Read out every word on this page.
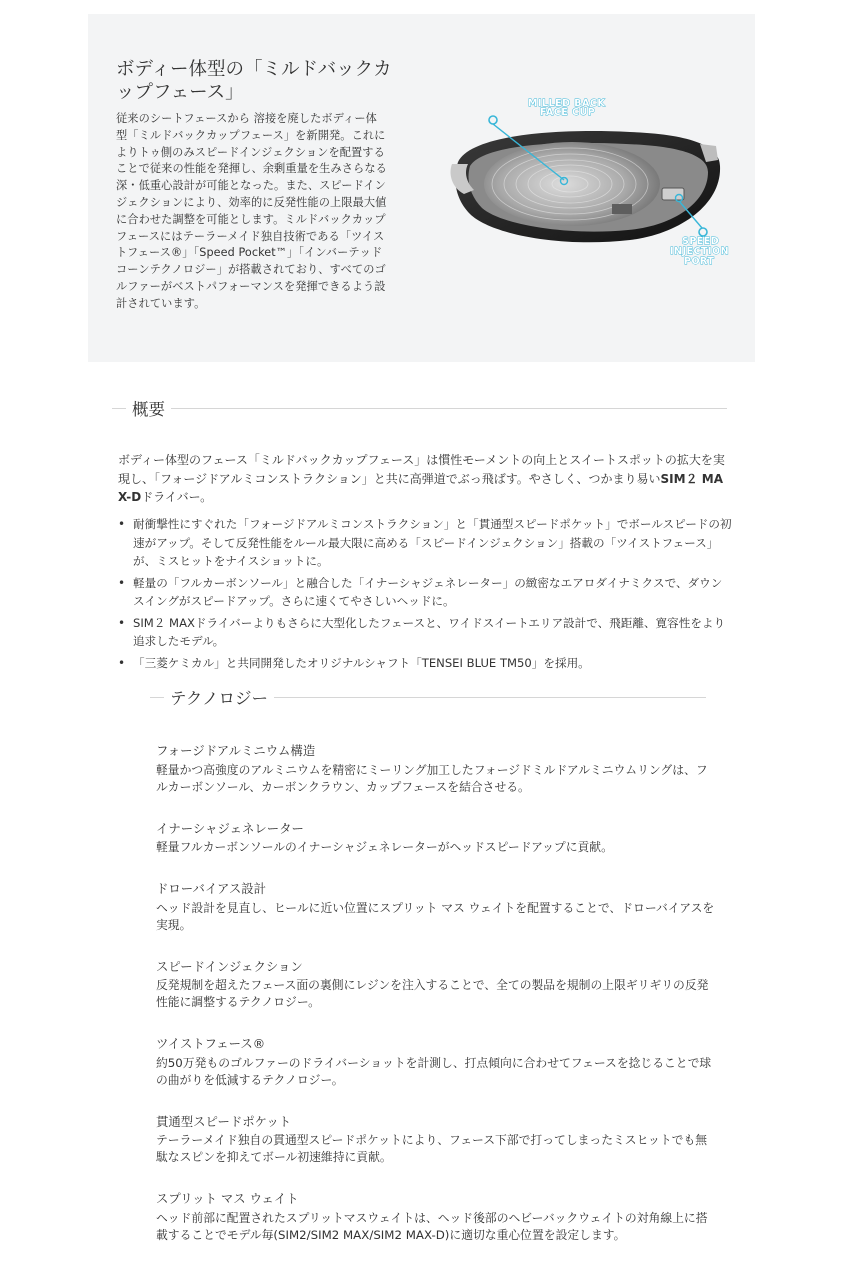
ボディー体型の「ミルドバックカップフェース」

従来のシートフェースから 溶接を廃したボディー体型「ミルドバックカップフェース」を新開発。これによりトゥ側のみスピードインジェクションを配置することで従来の性能を発揮し、余剰重量を生みさらなる深・低重心設計が可能となった。また、スピードインジェクションにより、効率的に反発性能の上限最大値に合わせた調整を可能とします。ミルドバックカップフェースにはテーラーメイド独自技術である「ツイストフェース®」「Speed Pocket™」「インバーテッドコーンテクノロジー」が搭載されており、すべてのゴルファーがベストパフォーマンスを発揮できるよう設計されています。

MILLED BACK
FACE CUP
SPEED
INJECTION
PORT
概要

ボディー体型のフェース「ミルドバックカップフェース」は慣性モーメントの向上とスイートスポットの拡大を実現し、「フォージドアルミコンストラクション」と共に高弾道でぶっ飛ばす。やさしく、つかまり易いSIM２ MAX-Dドライバー。

• 耐衝撃性にすぐれた「フォージドアルミコンストラクション」と「貫通型スピードポケット」でボールスピードの初速がアップ。そして反発性能をルール最大限に高める「スピードインジェクション」搭載の「ツイストフェース」が、ミスヒットをナイスショットに。
• 軽量の「フルカーボンソール」と融合した「イナーシャジェネレーター」の緻密なエアロダイナミクスで、ダウンスイングがスピードアップ。さらに速くてやさしいヘッドに。
• SIM２ MAXドライバーよりもさらに大型化したフェースと、ワイドスイートエリア設計で、飛距離、寛容性をより追求したモデル。
• 「三菱ケミカル」と共同開発したオリジナルシャフト「TENSEI BLUE TM50」を採用。
テクノロジー

フォージドアルミニウム構造

軽量かつ高強度のアルミニウムを精密にミーリング加工したフォージドミルドアルミニウムリングは、フルカーボンソール、カーボンクラウン、カップフェースを結合させる。

イナーシャジェネレーター

軽量フルカーボンソールのイナーシャジェネレーターがヘッドスピードアップに貢献。

ドローバイアス設計

ヘッド設計を見直し、ヒールに近い位置にスプリット マス ウェイトを配置することで、ドローバイアスを実現。

スピードインジェクション

反発規制を超えたフェース面の裏側にレジンを注入することで、全ての製品を規制の上限ギリギリの反発性能に調整するテクノロジー。

ツイストフェース®

約50万発ものゴルファーのドライバーショットを計測し、打点傾向に合わせてフェースを捻じることで球の曲がりを低減するテクノロジー。

貫通型スピードポケット

テーラーメイド独自の貫通型スピードポケットにより、フェース下部で打ってしまったミスヒットでも無駄なスピンを抑えてボール初速維持に貢献。

スプリット マス ウェイト

ヘッド前部に配置されたスプリットマスウェイトは、ヘッド後部のヘビーバックウェイトの対角線上に搭載することでモデル毎(SIM2/SIM2 MAX/SIM2 MAX-D)に適切な重心位置を設定します。
